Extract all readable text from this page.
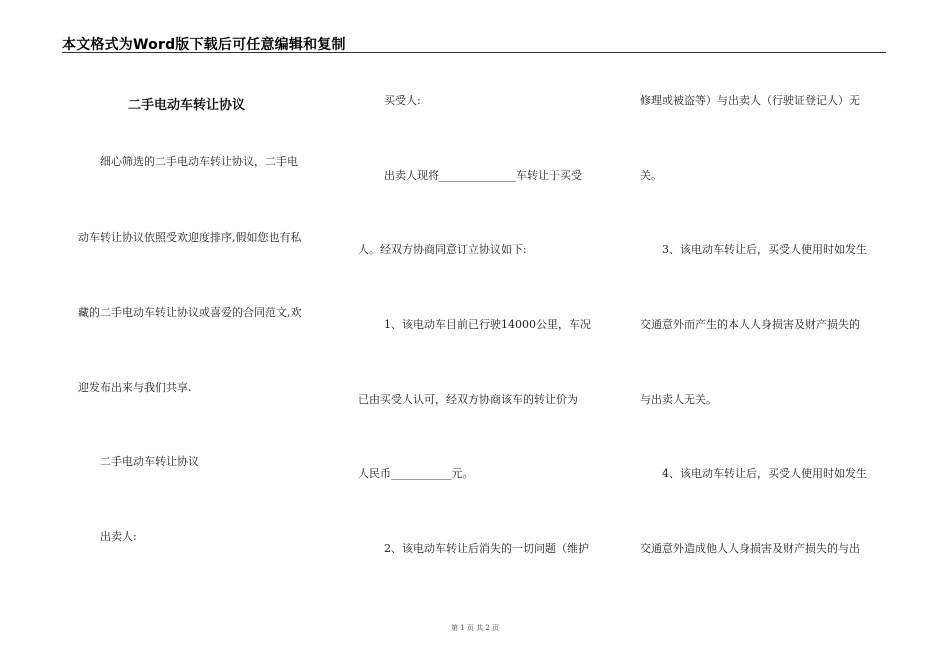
本文格式为Word版下载后可任意编辑和复制
二手电动车转让协议
细心筛选的二手电动车转让协议，二手电
动车转让协议依照受欢迎度排序,假如您也有私
藏的二手电动车转让协议或喜爱的合同范文,欢
迎发布出来与我们共享.
二手电动车转让协议
出卖人:
买受人:
出卖人现将______________车转让于买受
人。经双方协商同意订立协议如下:
1、该电动车目前已行驶14000公里，车况
已由买受人认可，经双方协商该车的转让价为
人民币___________元。
2、该电动车转让后消失的一切问题（维护
修理或被盗等）与出卖人（行驶证登记人）无
关。
3、该电动车转让后，买受人使用时如发生
交通意外而产生的本人人身损害及财产损失的
与出卖人无关。
4、该电动车转让后，买受人使用时如发生
交通意外造成他人人身损害及财产损失的与出
第 1 页 共 2 页
